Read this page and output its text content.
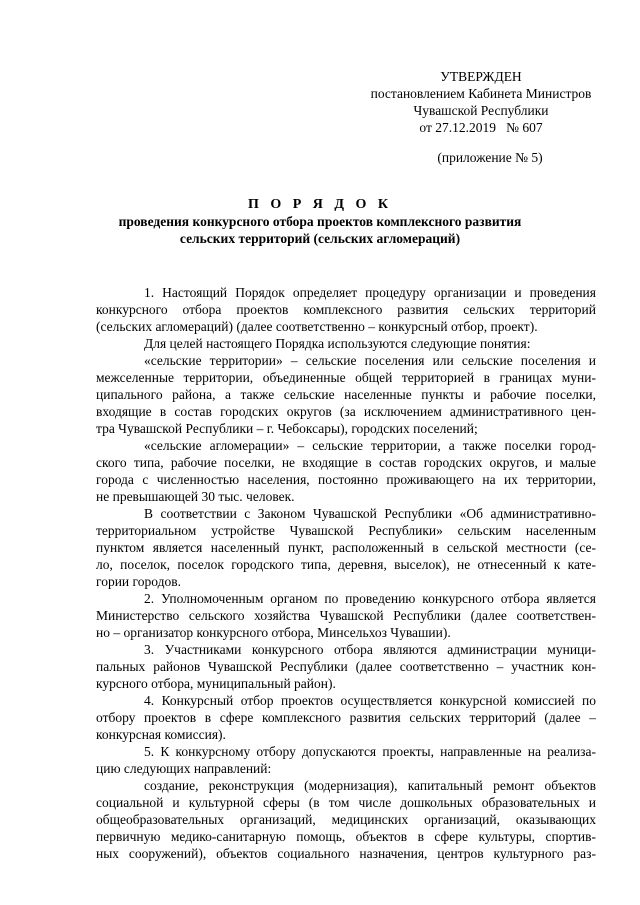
УТВЕРЖДЕН
постановлением Кабинета Министров
Чувашской Республики
от 27.12.2019   № 607
(приложение № 5)
П О Р Я Д О К
проведения конкурсного отбора проектов комплексного развития
сельских территорий (сельских агломераций)
1. Настоящий Порядок определяет процедуру организации и проведения
конкурсного отбора проектов комплексного развития сельских территорий
(сельских агломераций) (далее соответственно – конкурсный отбор, проект).
Для целей настоящего Порядка используются следующие понятия:
«сельские территории» – сельские поселения или сельские поселения и
межселенные территории, объединенные общей территорией в границах муни-
ципального района, а также сельские населенные пункты и рабочие поселки,
входящие в состав городских округов (за исключением административного цен-
тра Чувашской Республики – г. Чебоксары), городских поселений;
«сельские агломерации» – сельские территории, а также поселки город-
ского типа, рабочие поселки, не входящие в состав городских округов, и малые
города с численностью населения, постоянно проживающего на их территории,
не превышающей 30 тыс. человек.
В соответствии с Законом Чувашской Республики «Об административно-
территориальном устройстве Чувашской Республики» сельским населенным
пунктом является населенный пункт, расположенный в сельской местности (се-
ло, поселок, поселок городского типа, деревня, выселок), не отнесенный к кате-
гории городов.
2. Уполномоченным органом по проведению конкурсного отбора является
Министерство сельского хозяйства Чувашской Республики (далее соответствен-
но – организатор конкурсного отбора, Минсельхоз Чувашии).
3. Участниками конкурсного отбора являются администрации муници-
пальных районов Чувашской Республики (далее соответственно – участник кон-
курсного отбора, муниципальный район).
4. Конкурсный отбор проектов осуществляется конкурсной комиссией по
отбору проектов в сфере комплексного развития сельских территорий (далее –
конкурсная комиссия).
5. К конкурсному отбору допускаются проекты, направленные на реализа-
цию следующих направлений:
создание, реконструкция (модернизация), капитальный ремонт объектов
социальной и культурной сферы (в том числе дошкольных образовательных и
общеобразовательных организаций, медицинских организаций, оказывающих
первичную медико-санитарную помощь, объектов в сфере культуры, спортив-
ных сооружений), объектов социального назначения, центров культурного раз-
